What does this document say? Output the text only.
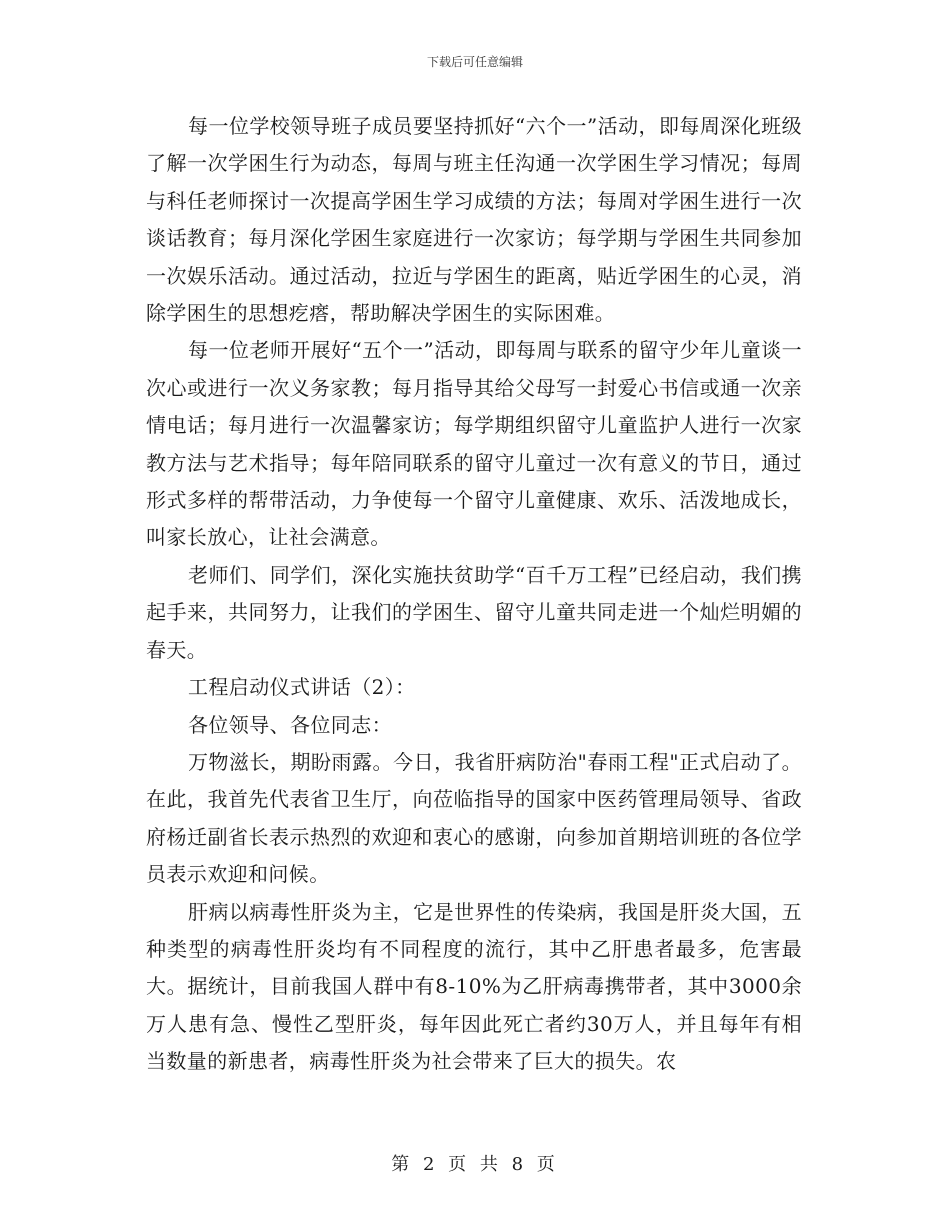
下载后可任意编辑

每一位学校领导班子成员要坚持抓好“六个一”活动，即每周深化班级了解一次学困生行为动态，每周与班主任沟通一次学困生学习情况；每周与科任老师探讨一次提高学困生学习成绩的方法；每周对学困生进行一次谈话教育；每月深化学困生家庭进行一次家访；每学期与学困生共同参加一次娱乐活动。通过活动，拉近与学困生的距离，贴近学困生的心灵，消除学困生的思想疙瘩，帮助解决学困生的实际困难。

每一位老师开展好“五个一”活动，即每周与联系的留守少年儿童谈一次心或进行一次义务家教；每月指导其给父母写一封爱心书信或通一次亲情电话；每月进行一次温馨家访；每学期组织留守儿童监护人进行一次家教方法与艺术指导；每年陪同联系的留守儿童过一次有意义的节日，通过形式多样的帮带活动，力争使每一个留守儿童健康、欢乐、活泼地成长，叫家长放心，让社会满意。

老师们、同学们，深化实施扶贫助学“百千万工程”已经启动，我们携起手来，共同努力，让我们的学困生、留守儿童共同走进一个灿烂明媚的春天。

工程启动仪式讲话（2）：

各位领导、各位同志：

万物滋长，期盼雨露。今日，我省肝病防治"春雨工程"正式启动了。在此，我首先代表省卫生厅，向莅临指导的国家中医药管理局领导、省政府杨迁副省长表示热烈的欢迎和衷心的感谢，向参加首期培训班的各位学员表示欢迎和问候。

肝病以病毒性肝炎为主，它是世界性的传染病，我国是肝炎大国，五种类型的病毒性肝炎均有不同程度的流行，其中乙肝患者最多，危害最大。据统计，目前我国人群中有8-10%为乙肝病毒携带者，其中3000余万人患有急、慢性乙型肝炎，每年因此死亡者约30万人，并且每年有相当数量的新患者，病毒性肝炎为社会带来了巨大的损失。农

第 2 页 共 8 页
